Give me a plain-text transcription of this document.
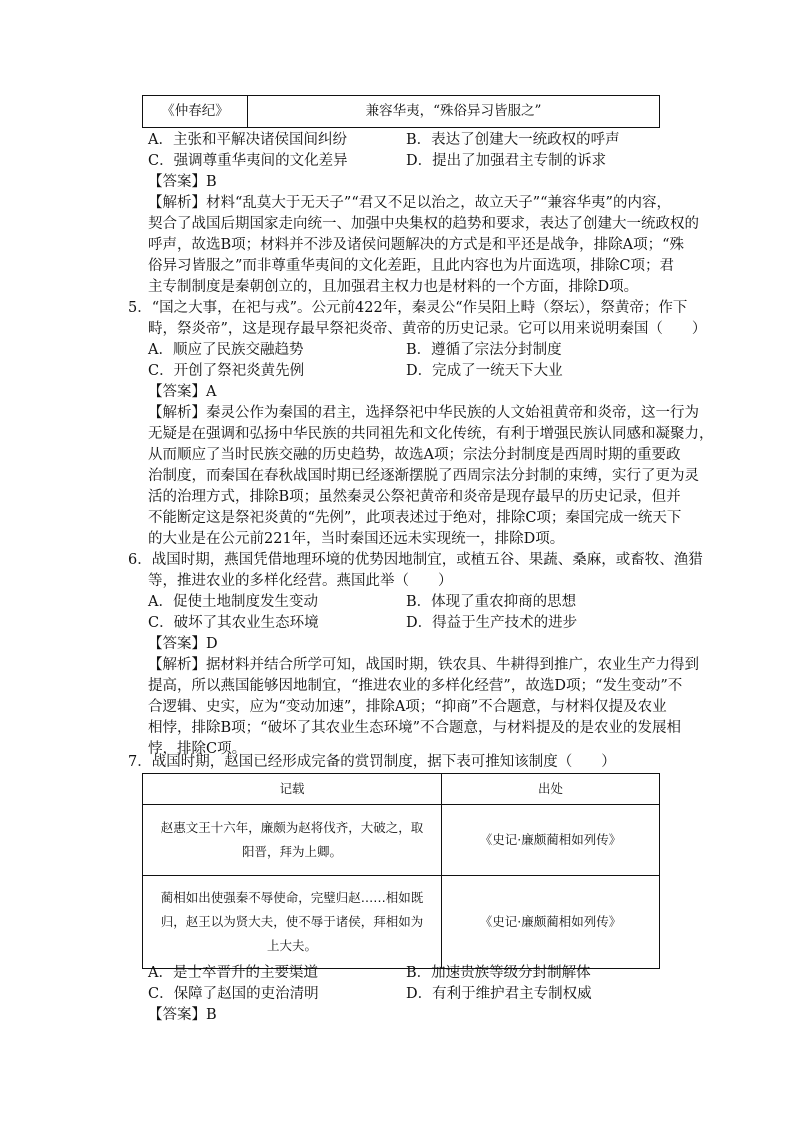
《仲春纪》	兼容华夷，“殊俗异习皆服之”
A．主张和平解决诸侯国间纠纷	B．表达了创建大一统政权的呼声
C．强调尊重华夷间的文化差异	D．提出了加强君主专制的诉求
【答案】B
【解析】材料“乱莫大于无天子”“君又不足以治之，故立天子”“兼容华夷”的内容，
契合了战国后期国家走向统一、加强中央集权的趋势和要求，表达了创建大一统政权的
呼声，故选B项；材料并不涉及诸侯问题解决的方式是和平还是战争，排除A项；“殊
俗异习皆服之”而非尊重华夷间的文化差距，且此内容也为片面选项，排除C项；君
主专制制度是秦朝创立的，且加强君主权力也是材料的一个方面，排除D项。
5．“国之大事，在祀与戎”。公元前422年，秦灵公“作吴阳上畤（祭坛），祭黄帝；作下
畤，祭炎帝”，这是现存最早祭祀炎帝、黄帝的历史记录。它可以用来说明秦国（　　）
A．顺应了民族交融趋势	B．遵循了宗法分封制度
C．开创了祭祀炎黄先例	D．完成了一统天下大业
【答案】A
【解析】秦灵公作为秦国的君主，选择祭祀中华民族的人文始祖黄帝和炎帝，这一行为
无疑是在强调和弘扬中华民族的共同祖先和文化传统，有利于增强民族认同感和凝聚力，
从而顺应了当时民族交融的历史趋势，故选A项；宗法分封制度是西周时期的重要政
治制度，而秦国在春秋战国时期已经逐渐摆脱了西周宗法分封制的束缚，实行了更为灵
活的治理方式，排除B项；虽然秦灵公祭祀黄帝和炎帝是现存最早的历史记录，但并
不能断定这是祭祀炎黄的“先例”，此项表述过于绝对，排除C项；秦国完成一统天下
的大业是在公元前221年，当时秦国还远未实现统一，排除D项。
6．战国时期，燕国凭借地理环境的优势因地制宜，或植五谷、果蔬、桑麻，或畜牧、渔猎
等，推进农业的多样化经营。燕国此举（　　）
A．促使土地制度发生变动	B．体现了重农抑商的思想
C．破坏了其农业生态环境	D．得益于生产技术的进步
【答案】D
【解析】据材料并结合所学可知，战国时期，铁农具、牛耕得到推广，农业生产力得到
提高，所以燕国能够因地制宜，“推进农业的多样化经营”，故选D项；“发生变动”不
合逻辑、史实，应为“变动加速”，排除A项；“抑商”不合题意，与材料仅提及农业
相悖，排除B项；“破坏了其农业生态环境”不合题意，与材料提及的是农业的发展相
悖，排除C项。
7．战国时期，赵国已经形成完备的赏罚制度，据下表可推知该制度（　　）
记载	出处

赵惠文王十六年，廉颇为赵将伐齐，大破之，取
阳晋，拜为上卿。	《史记·廉颇蔺相如列传》

蔺相如出使强秦不辱使命，完璧归赵……相如既
归，赵王以为贤大夫，使不辱于诸侯，拜相如为
上大夫。	《史记·廉颇蔺相如列传》
A．是士卒晋升的主要渠道	B．加速贵族等级分封制解体
C．保障了赵国的吏治清明	D．有利于维护君主专制权威
【答案】B
